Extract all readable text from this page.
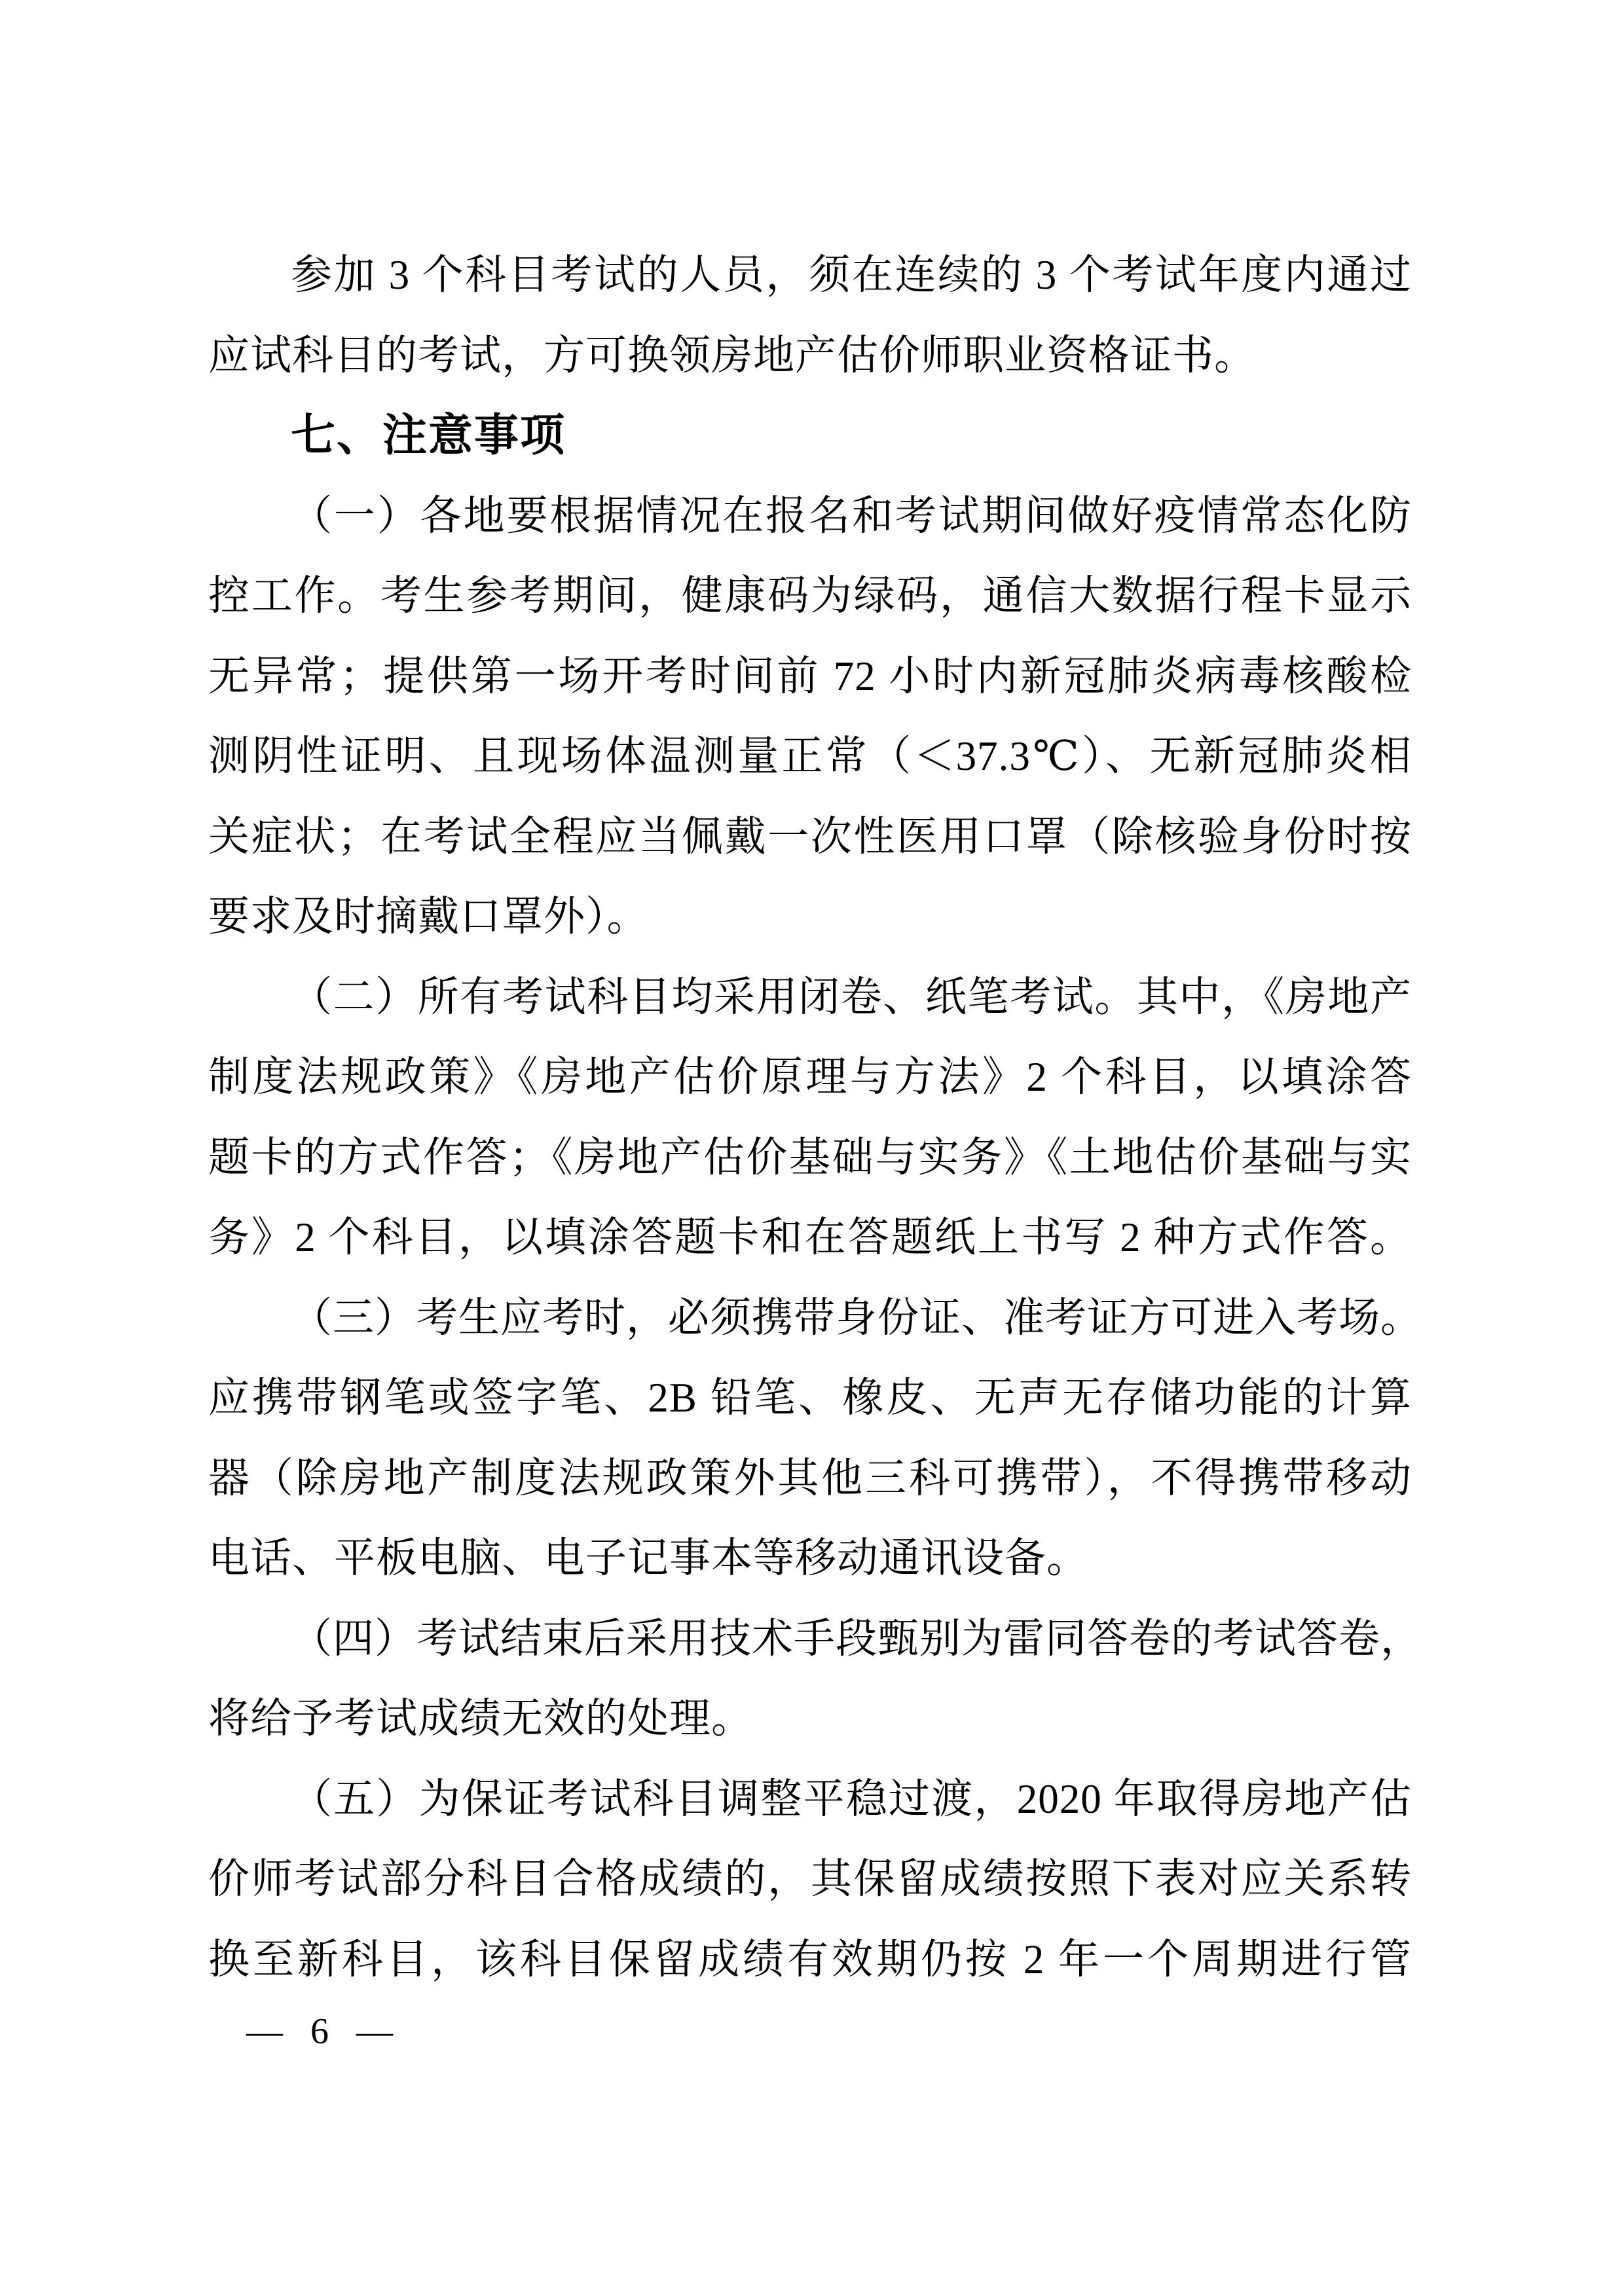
参加 3 个科目考试的人员，须在连续的 3 个考试年度内通过
应试科目的考试，方可换领房地产估价师职业资格证书。
七、注意事项
（一）各地要根据情况在报名和考试期间做好疫情常态化防
控工作。考生参考期间，健康码为绿码，通信大数据行程卡显示
无异常；提供第一场开考时间前 72 小时内新冠肺炎病毒核酸检
测阴性证明、且现场体温测量正常（＜37.3℃）、无新冠肺炎相
关症状；在考试全程应当佩戴一次性医用口罩（除核验身份时按
要求及时摘戴口罩外）。
（二）所有考试科目均采用闭卷、纸笔考试。其中，《房地产
制度法规政策》《房地产估价原理与方法》2 个科目，以填涂答
题卡的方式作答；《房地产估价基础与实务》《土地估价基础与实
务》2 个科目，以填涂答题卡和在答题纸上书写 2 种方式作答。
（三）考生应考时，必须携带身份证、准考证方可进入考场。
应携带钢笔或签字笔、2B 铅笔、橡皮、无声无存储功能的计算
器（除房地产制度法规政策外其他三科可携带），不得携带移动
电话、平板电脑、电子记事本等移动通讯设备。
（四）考试结束后采用技术手段甄别为雷同答卷的考试答卷，
将给予考试成绩无效的处理。
（五）为保证考试科目调整平稳过渡，2020 年取得房地产估
价师考试部分科目合格成绩的，其保留成绩按照下表对应关系转
换至新科目，该科目保留成绩有效期仍按 2 年一个周期进行管
— 6 —
